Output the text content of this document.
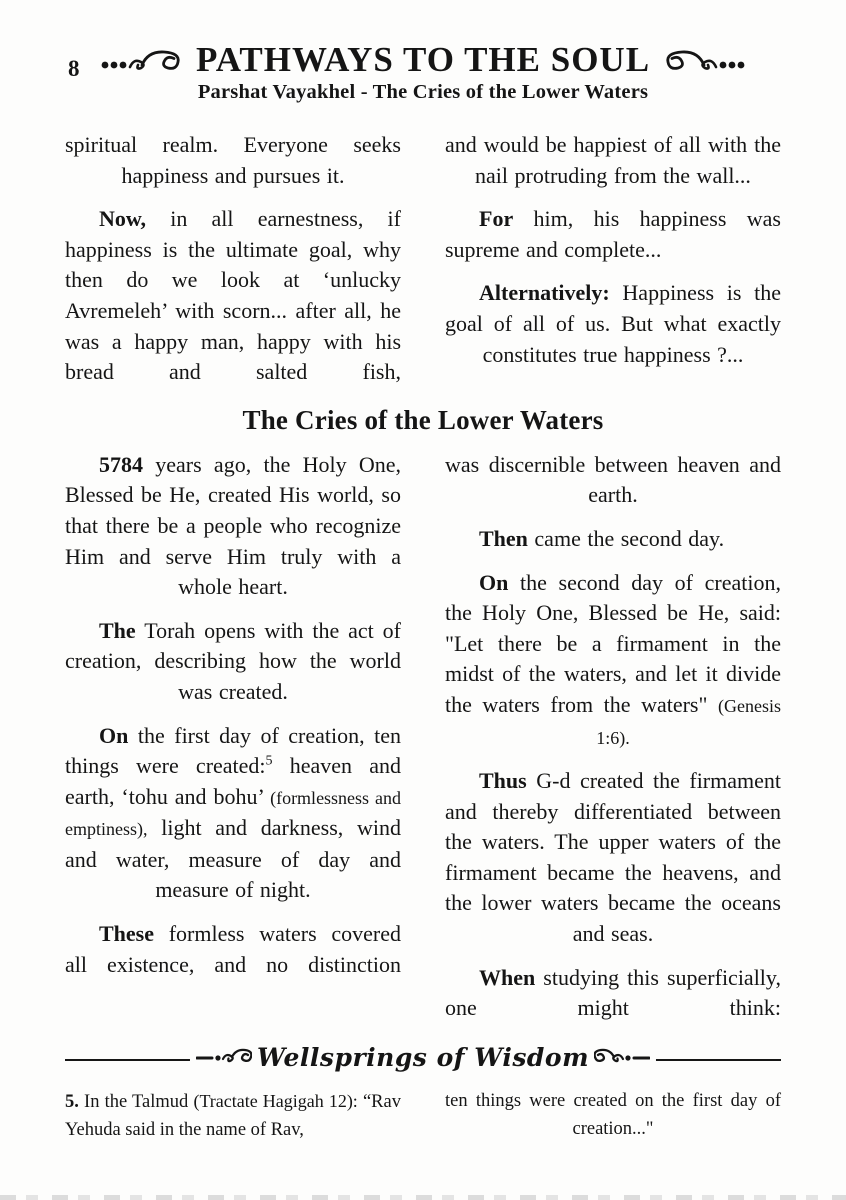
8	PATHWAYS TO THE SOUL
Parshat Vayakhel - The Cries of the Lower Waters

spiritual realm. Everyone seeks happiness and pursues it.

Now, in all earnestness, if happiness is the ultimate goal, why then do we look at ‘unlucky Avremeleh’ with scorn... after all, he was a happy man, happy with his bread and salted fish,

and would be happiest of all with the nail protruding from the wall...

For him, his happiness was supreme and complete...

Alternatively: Happiness is the goal of all of us. But what exactly constitutes true happiness ?...

The Cries of the Lower Waters

5784 years ago, the Holy One, Blessed be He, created His world, so that there be a people who recognize Him and serve Him truly with a whole heart.

The Torah opens with the act of creation, describing how the world was created.

On the first day of creation, ten things were created:$^5$ heaven and earth, ‘tohu and bohu’ (formlessness and emptiness), light and darkness, wind and water, measure of day and measure of night.

These formless waters covered all existence, and no distinction

was discernible between heaven and earth.

Then came the second day.

On the second day of creation, the Holy One, Blessed be He, said: "Let there be a firmament in the midst of the waters, and let it divide the waters from the waters" (Genesis 1:6).

Thus G-d created the firmament and thereby differentiated between the waters. The upper waters of the firmament became the heavens, and the lower waters became the oceans and seas.

When studying this superficially, one might think:

Wellsprings of Wisdom

5. In the Talmud (Tractate Hagigah 12): “Rav Yehuda said in the name of Rav,

ten things were created on the first day of creation..."
